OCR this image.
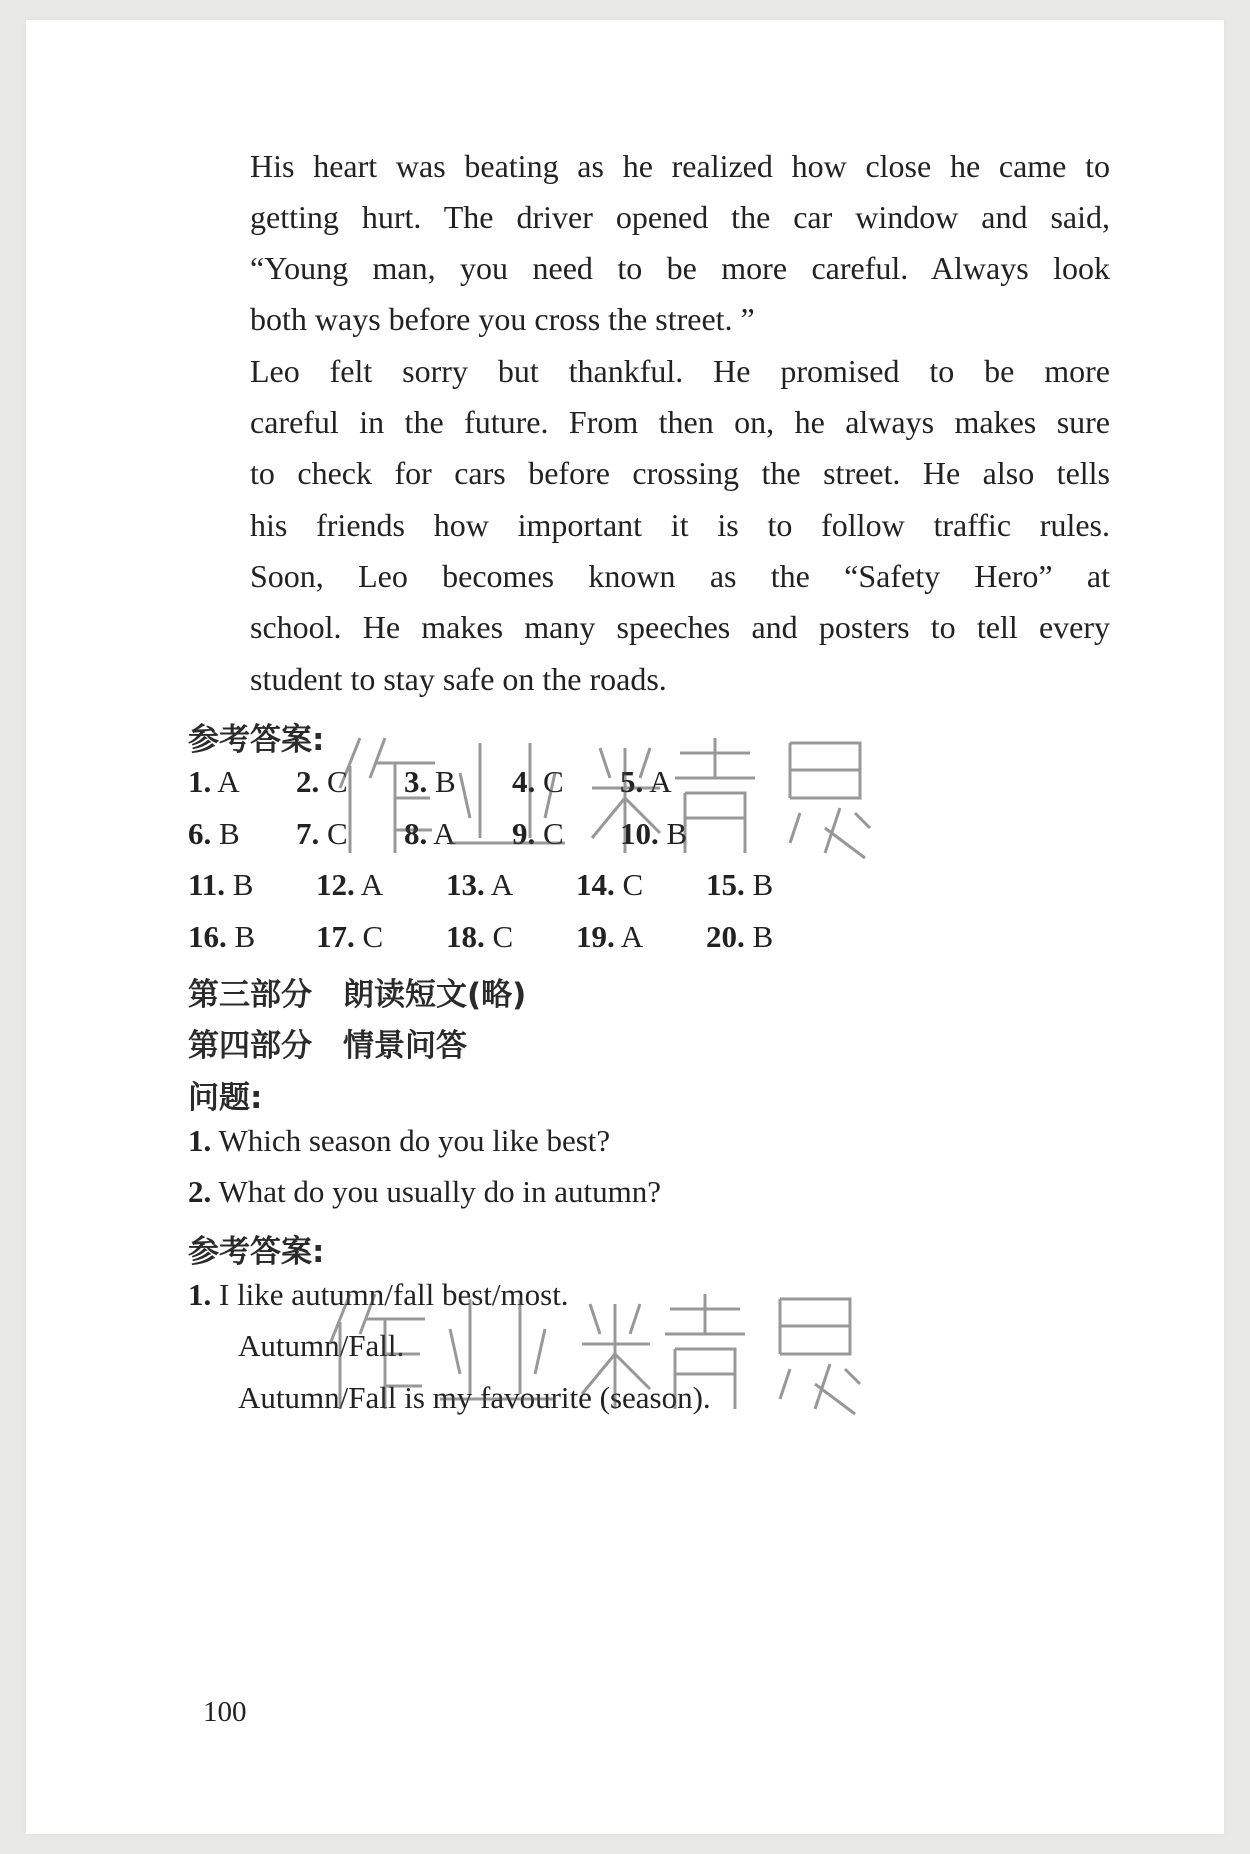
His heart was beating as he realized how close he came to
getting hurt. The driver opened the car window and said,
“Young man, you need to be more careful. Always look
both ways before you cross the street. ”
Leo felt sorry but thankful. He promised to be more
careful in the future. From then on, he always makes sure
to check for cars before crossing the street. He also tells
his friends how important it is to follow traffic rules.
Soon, Leo becomes known as the “Safety Hero” at
school. He makes many speeches and posters to tell every
student to stay safe on the roads.
参考答案:
1. A 2. C 3. B 4. C 5. A
6. B 7. C 8. A 9. C 10. B
11. B 12. A 13. A 14. C 15. B
16. B 17. C 18. C 19. A 20. B
第三部分　朗读短文(略)
第四部分　情景问答
问题:
1. Which season do you like best?
2. What do you usually do in autumn?
参考答案:
1. I like autumn/fall best/most.
Autumn/Fall.
Autumn/Fall is my favourite (season).
100
